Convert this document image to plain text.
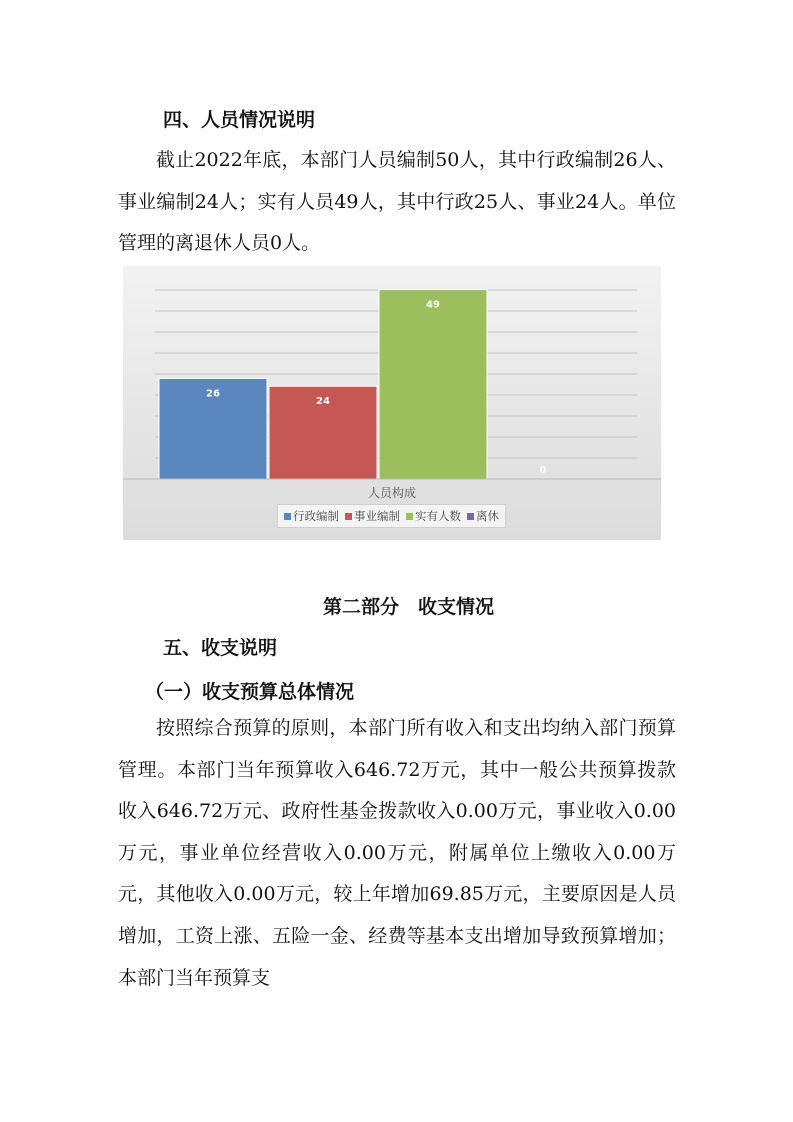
四、人员情况说明

截止2022年底，本部门人员编制50人，其中行政编制26人、事业编制24人；实有人员49人，其中行政25人、事业24人。单位管理的离退休人员0人。

26
24
49
0
人员构成
行政编制 事业编制 实有人数 离休
第二部分　收支情况
五、收支说明
（一）收支预算总体情况

按照综合预算的原则，本部门所有收入和支出均纳入部门预算管理。本部门当年预算收入646.72万元，其中一般公共预算拨款收入646.72万元、政府性基金拨款收入0.00万元，事业收入0.00万元，事业单位经营收入0.00万元，附属单位上缴收入0.00万元，其他收入0.00万元，较上年增加69.85万元，主要原因是人员增加，工资上涨、五险一金、经费等基本支出增加导致预算增加；本部门当年预算支
